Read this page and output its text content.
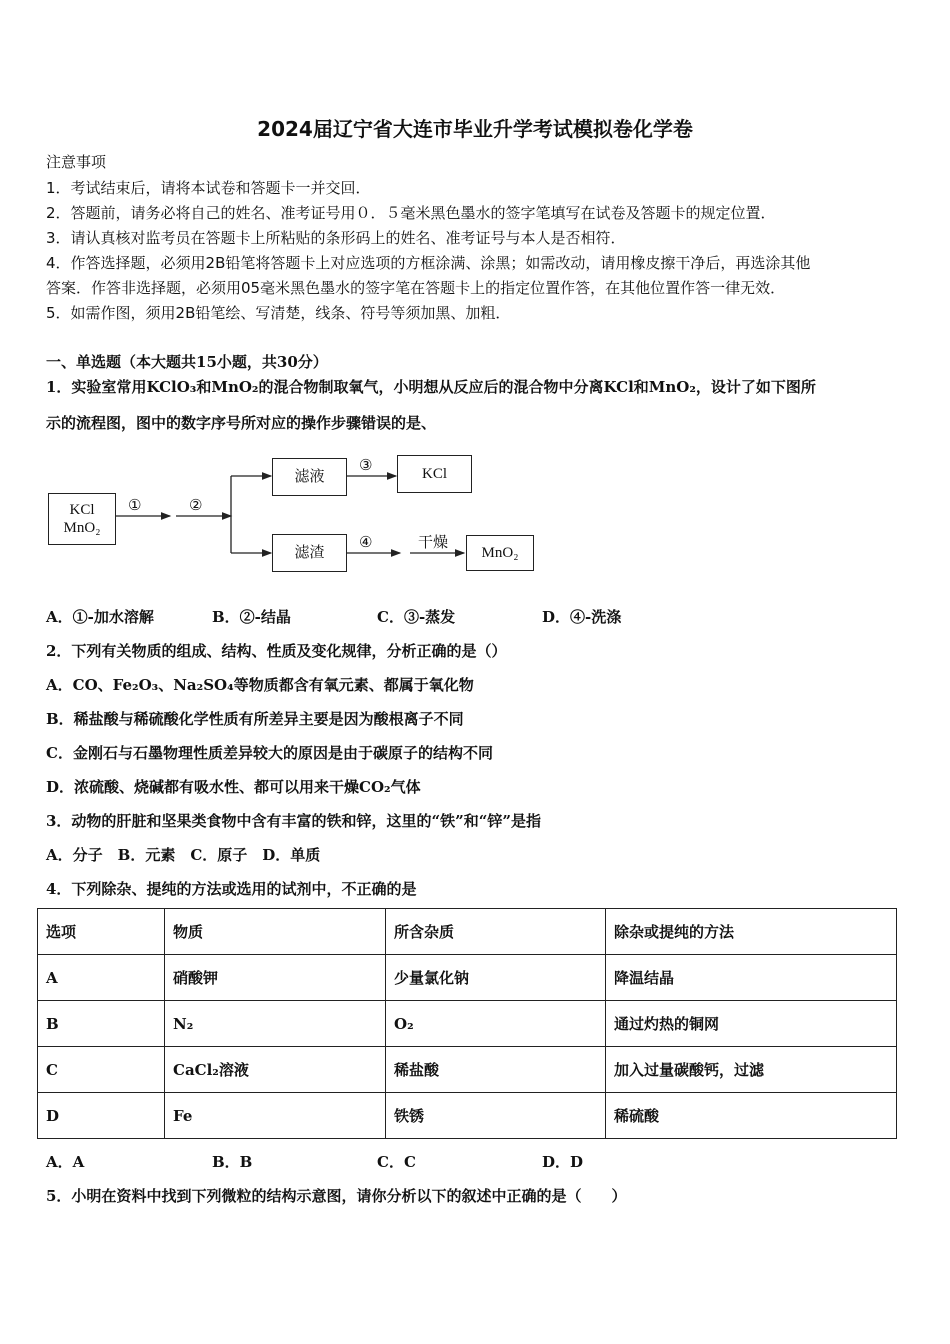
2024届辽宁省大连市毕业升学考试模拟卷化学卷
注意事项
1．考试结束后，请将本试卷和答题卡一并交回．
2．答题前，请务必将自己的姓名、准考证号用０．５毫米黑色墨水的签字笔填写在试卷及答题卡的规定位置．
3．请认真核对监考员在答题卡上所粘贴的条形码上的姓名、准考证号与本人是否相符．
4．作答选择题，必须用2B铅笔将答题卡上对应选项的方框涂满、涂黑；如需改动，请用橡皮擦干净后，再选涂其他
答案．作答非选择题，必须用05毫米黑色墨水的签字笔在答题卡上的指定位置作答，在其他位置作答一律无效．
5．如需作图，须用2B铅笔绘、写清楚，线条、符号等须加黑、加粗．
一、单选题（本大题共15小题，共30分）
1．实验室常用KClO₃和MnO₂的混合物制取氧气，小明想从反应后的混合物中分离KCl和MnO₂，设计了如下图所
示的流程图，图中的数字序号所对应的操作步骤错误的是、
KCl
MnO₂
滤液	KCl
滤渣	MnO₂
①	②
③
④	干燥
A．①-加水溶解	B．②-结晶	C．③-蒸发	D．④-洗涤
2．下列有关物质的组成、结构、性质及变化规律，分析正确的是（）
A．CO、Fe₂O₃、Na₂SO₄等物质都含有氧元素、都属于氧化物
B．稀盐酸与稀硫酸化学性质有所差异主要是因为酸根离子不同
C．金刚石与石墨物理性质差异较大的原因是由于碳原子的结构不同
D．浓硫酸、烧碱都有吸水性、都可以用来干燥CO₂气体
3．动物的肝脏和坚果类食物中含有丰富的铁和锌，这里的“铁”和“锌”是指
A．分子　B．元素　C．原子　D．单质
4．下列除杂、提纯的方法或选用的试剂中，不正确的是
选项	物质	所含杂质	除杂或提纯的方法
A	硝酸钾	少量氯化钠	降温结晶
B	N₂	O₂	通过灼热的铜网
C	CaCl₂溶液	稀盐酸	加入过量碳酸钙，过滤
D	Fe	铁锈	稀硫酸
A．A	B．B	C．C	D．D
5．小明在资料中找到下列微粒的结构示意图，请你分析以下的叙述中正确的是（　　）
